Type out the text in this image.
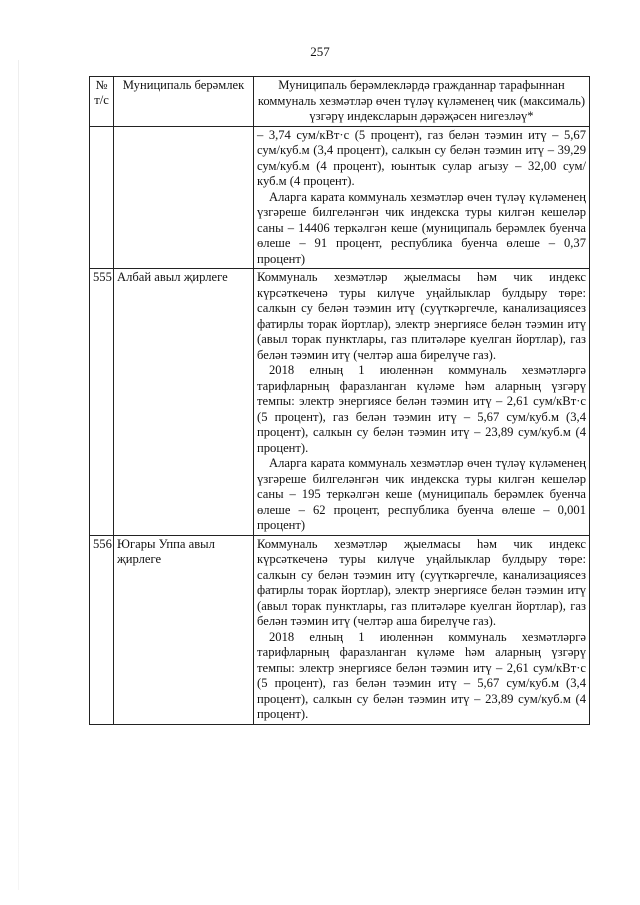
257
№
т/с	Муниципаль берәмлек	Муниципаль берәмлекләрдә гражданнар тарафыннан коммуналь хезмәтләр өчен түләү күләменең чик (максималь) үзгәрү индексларын дәрәҗәсен нигезләү*

		– 3,74 сум/кВт·с (5 процент), газ белән тәэмин итү – 5,67 сум/куб.м (3,4 процент), салкын су белән тәэмин итү – 39,29 сум/куб.м (4 процент), юынтык сулар агызу – 32,00 сум/куб.м (4 процент).

Аларга карата коммуналь хезмәтләр өчен түләү күләменең үзгәреше билгеләнгән чик индекска туры килгән кешеләр саны – 14406 теркәлгән кеше (муниципаль берәмлек буенча өлеше – 91 процент, республика буенча өлеше – 0,37 процент)

555	Албай авыл җирлеге	Коммуналь хезмәтләр җыелмасы һәм чик индекс күрсәткеченә туры килүче уңайлыклар булдыру төре: салкын су белән тәэмин итү (суүткәргечле, канализациясез фатирлы торак йортлар), электр энергиясе белән тәэмин итү (авыл торак пунктлары, газ плитәләре куелган йортлар), газ белән тәэмин итү (челтәр аша бирелүче газ).

2018 елның 1 июленнән коммуналь хезмәтләргә тарифларның фаразланган күләме һәм аларның үзгәрү темпы: электр энергиясе белән тәэмин итү – 2,61 сум/кВт·с (5 процент), газ белән тәэмин итү – 5,67 сум/куб.м (3,4 процент), салкын су белән тәэмин итү – 23,89 сум/куб.м (4 процент).

Аларга карата коммуналь хезмәтләр өчен түләү күләменең үзгәреше билгеләнгән чик индекска туры килгән кешеләр саны – 195 теркәлгән кеше (муниципаль берәмлек буенча өлеше – 62 процент, республика буенча өлеше – 0,001 процент)

556	Югары Уппа авыл җирлеге	Коммуналь хезмәтләр җыелмасы һәм чик индекс күрсәткеченә туры килүче уңайлыклар булдыру төре: салкын су белән тәэмин итү (суүткәргечле, канализациясез фатирлы торак йортлар), электр энергиясе белән тәэмин итү (авыл торак пунктлары, газ плитәләре куелган йортлар), газ белән тәэмин итү (челтәр аша бирелүче газ).

2018 елның 1 июленнән коммуналь хезмәтләргә тарифларның фаразланган күләме һәм аларның үзгәрү темпы: электр энергиясе белән тәэмин итү – 2,61 сум/кВт·с (5 процент), газ белән тәэмин итү – 5,67 сум/куб.м (3,4 процент), салкын су белән тәэмин итү – 23,89 сум/куб.м (4 процент).
